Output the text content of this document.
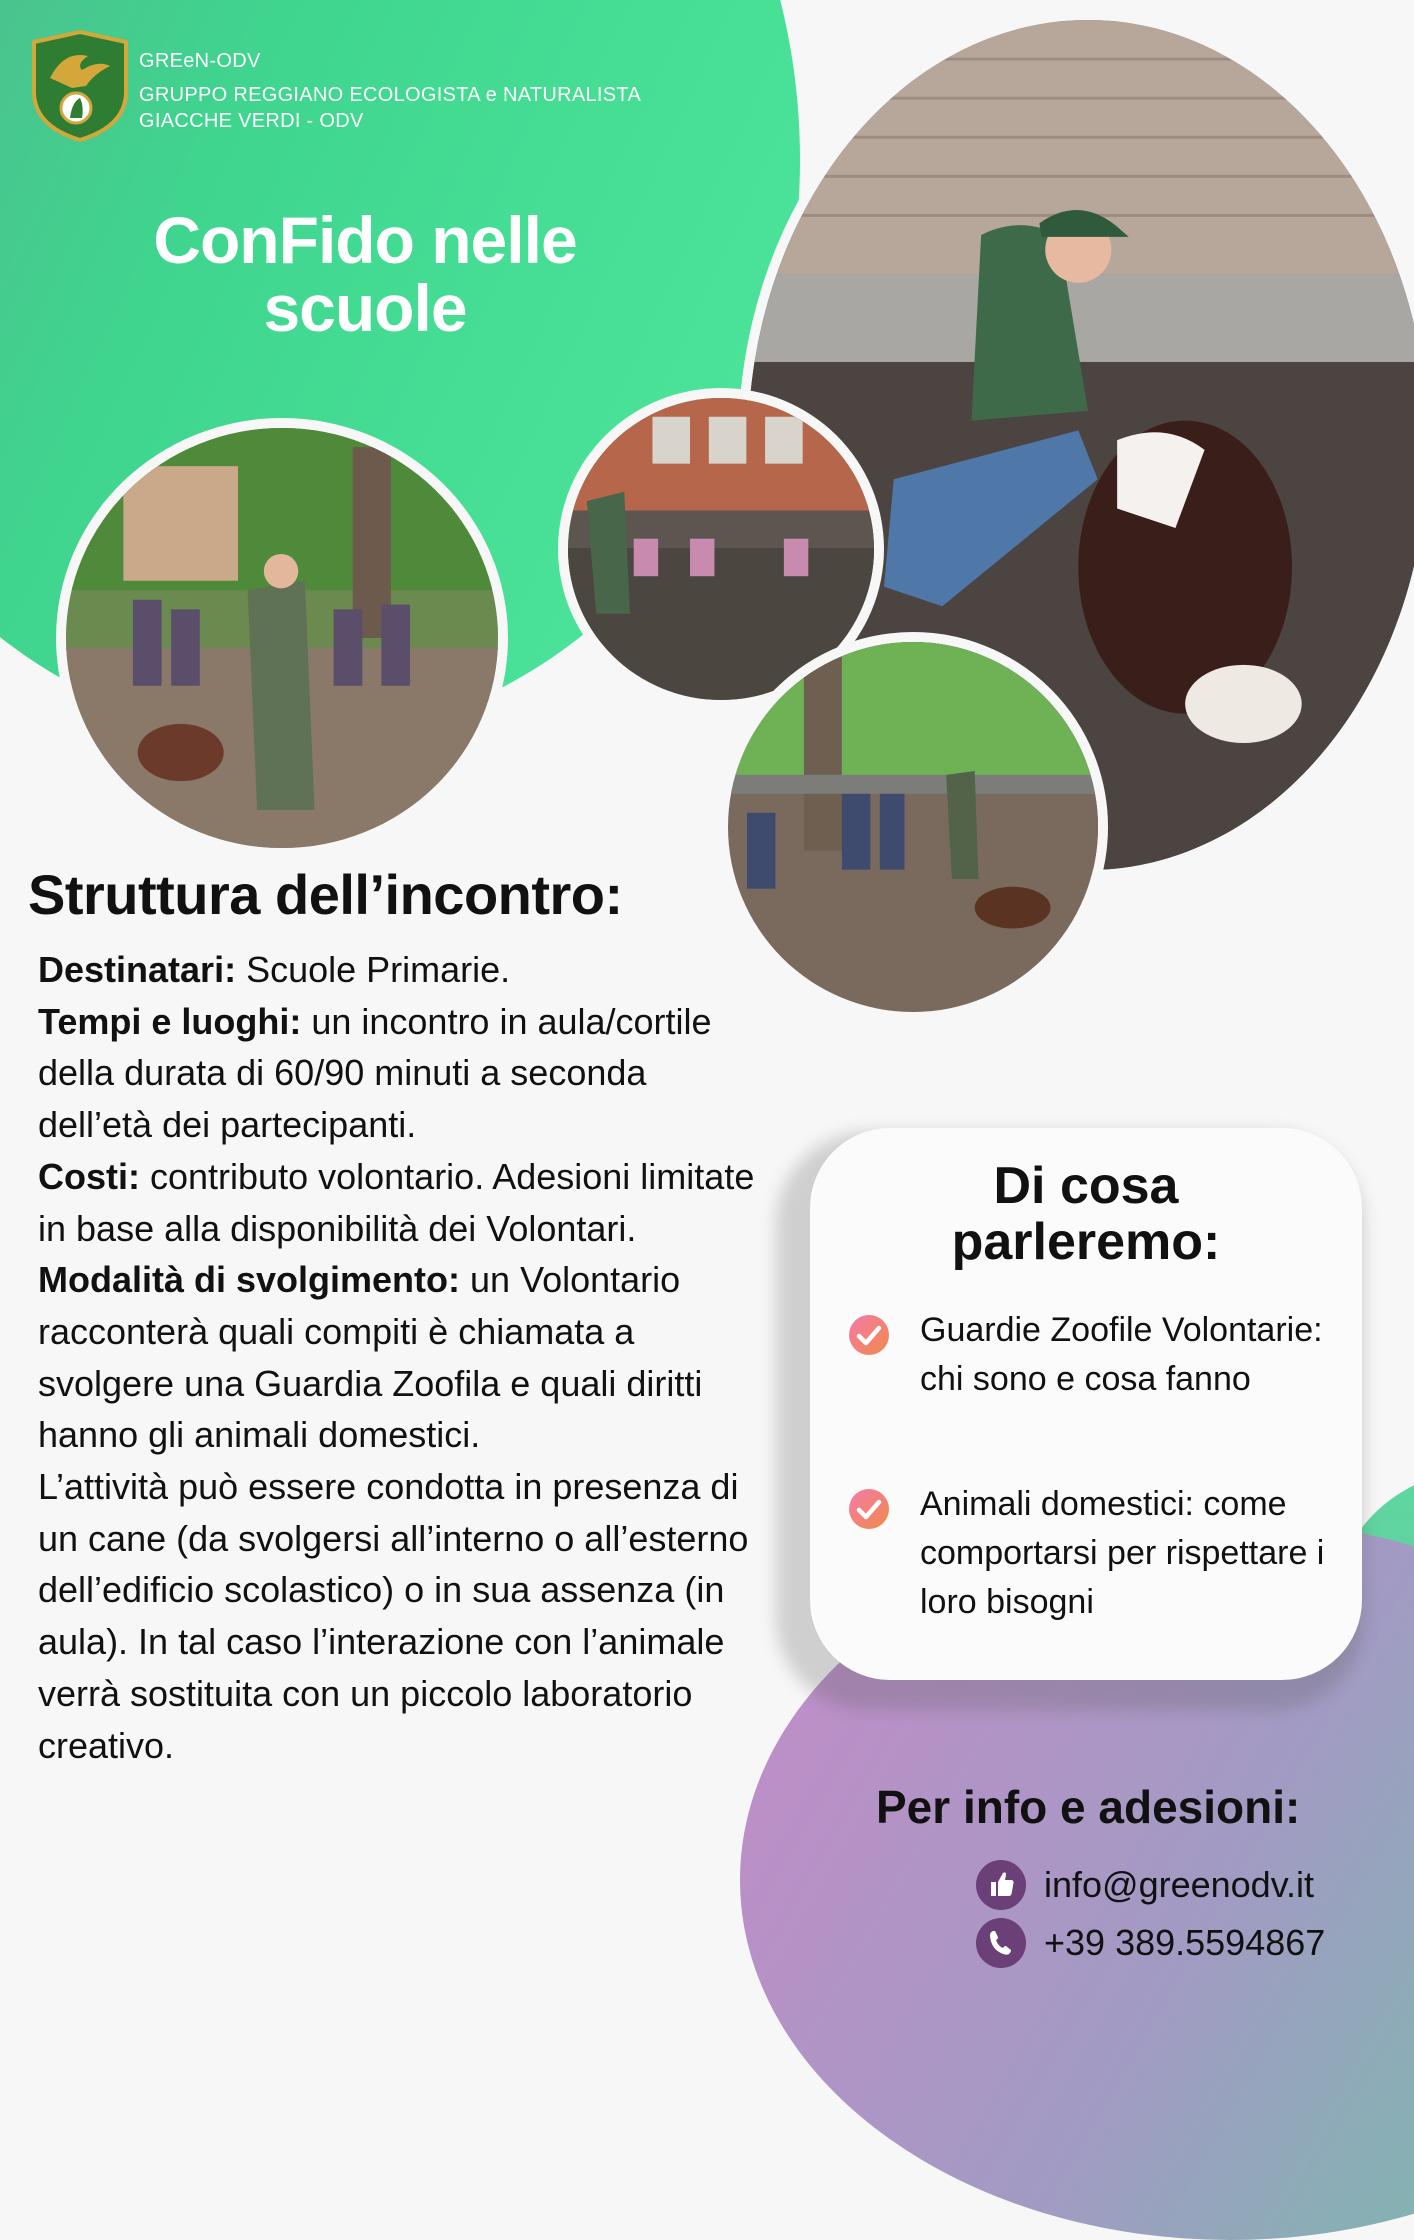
GREeN-ODV
GRUPPO REGGIANO ECOLOGISTA e NATURALISTA
GIACCHE VERDI - ODV
ConFido nelle
scuole
Struttura dell’incontro:
Destinatari: Scuole Primarie.
Tempi e luoghi: un incontro in aula/cortile della durata di 60/90 minuti a seconda dell’età dei partecipanti.
Costi: contributo volontario. Adesioni limitate in base alla disponibilità dei Volontari.
Modalità di svolgimento: un Volontario racconterà quali compiti è chiamata a svolgere una Guardia Zoofila e quali diritti hanno gli animali domestici.
L’attività può essere condotta in presenza di un cane (da svolgersi all’interno o all’esterno dell’edificio scolastico) o in sua assenza (in aula). In tal caso l’interazione con l’animale verrà sostituita con un piccolo laboratorio creativo.
Di cosa
parleremo:
Guardie Zoofile Volontarie: chi sono e cosa fanno
Animali domestici: come comportarsi per rispettare i loro bisogni
Per info e adesioni:
info@greenodv.it
+39 389.5594867
